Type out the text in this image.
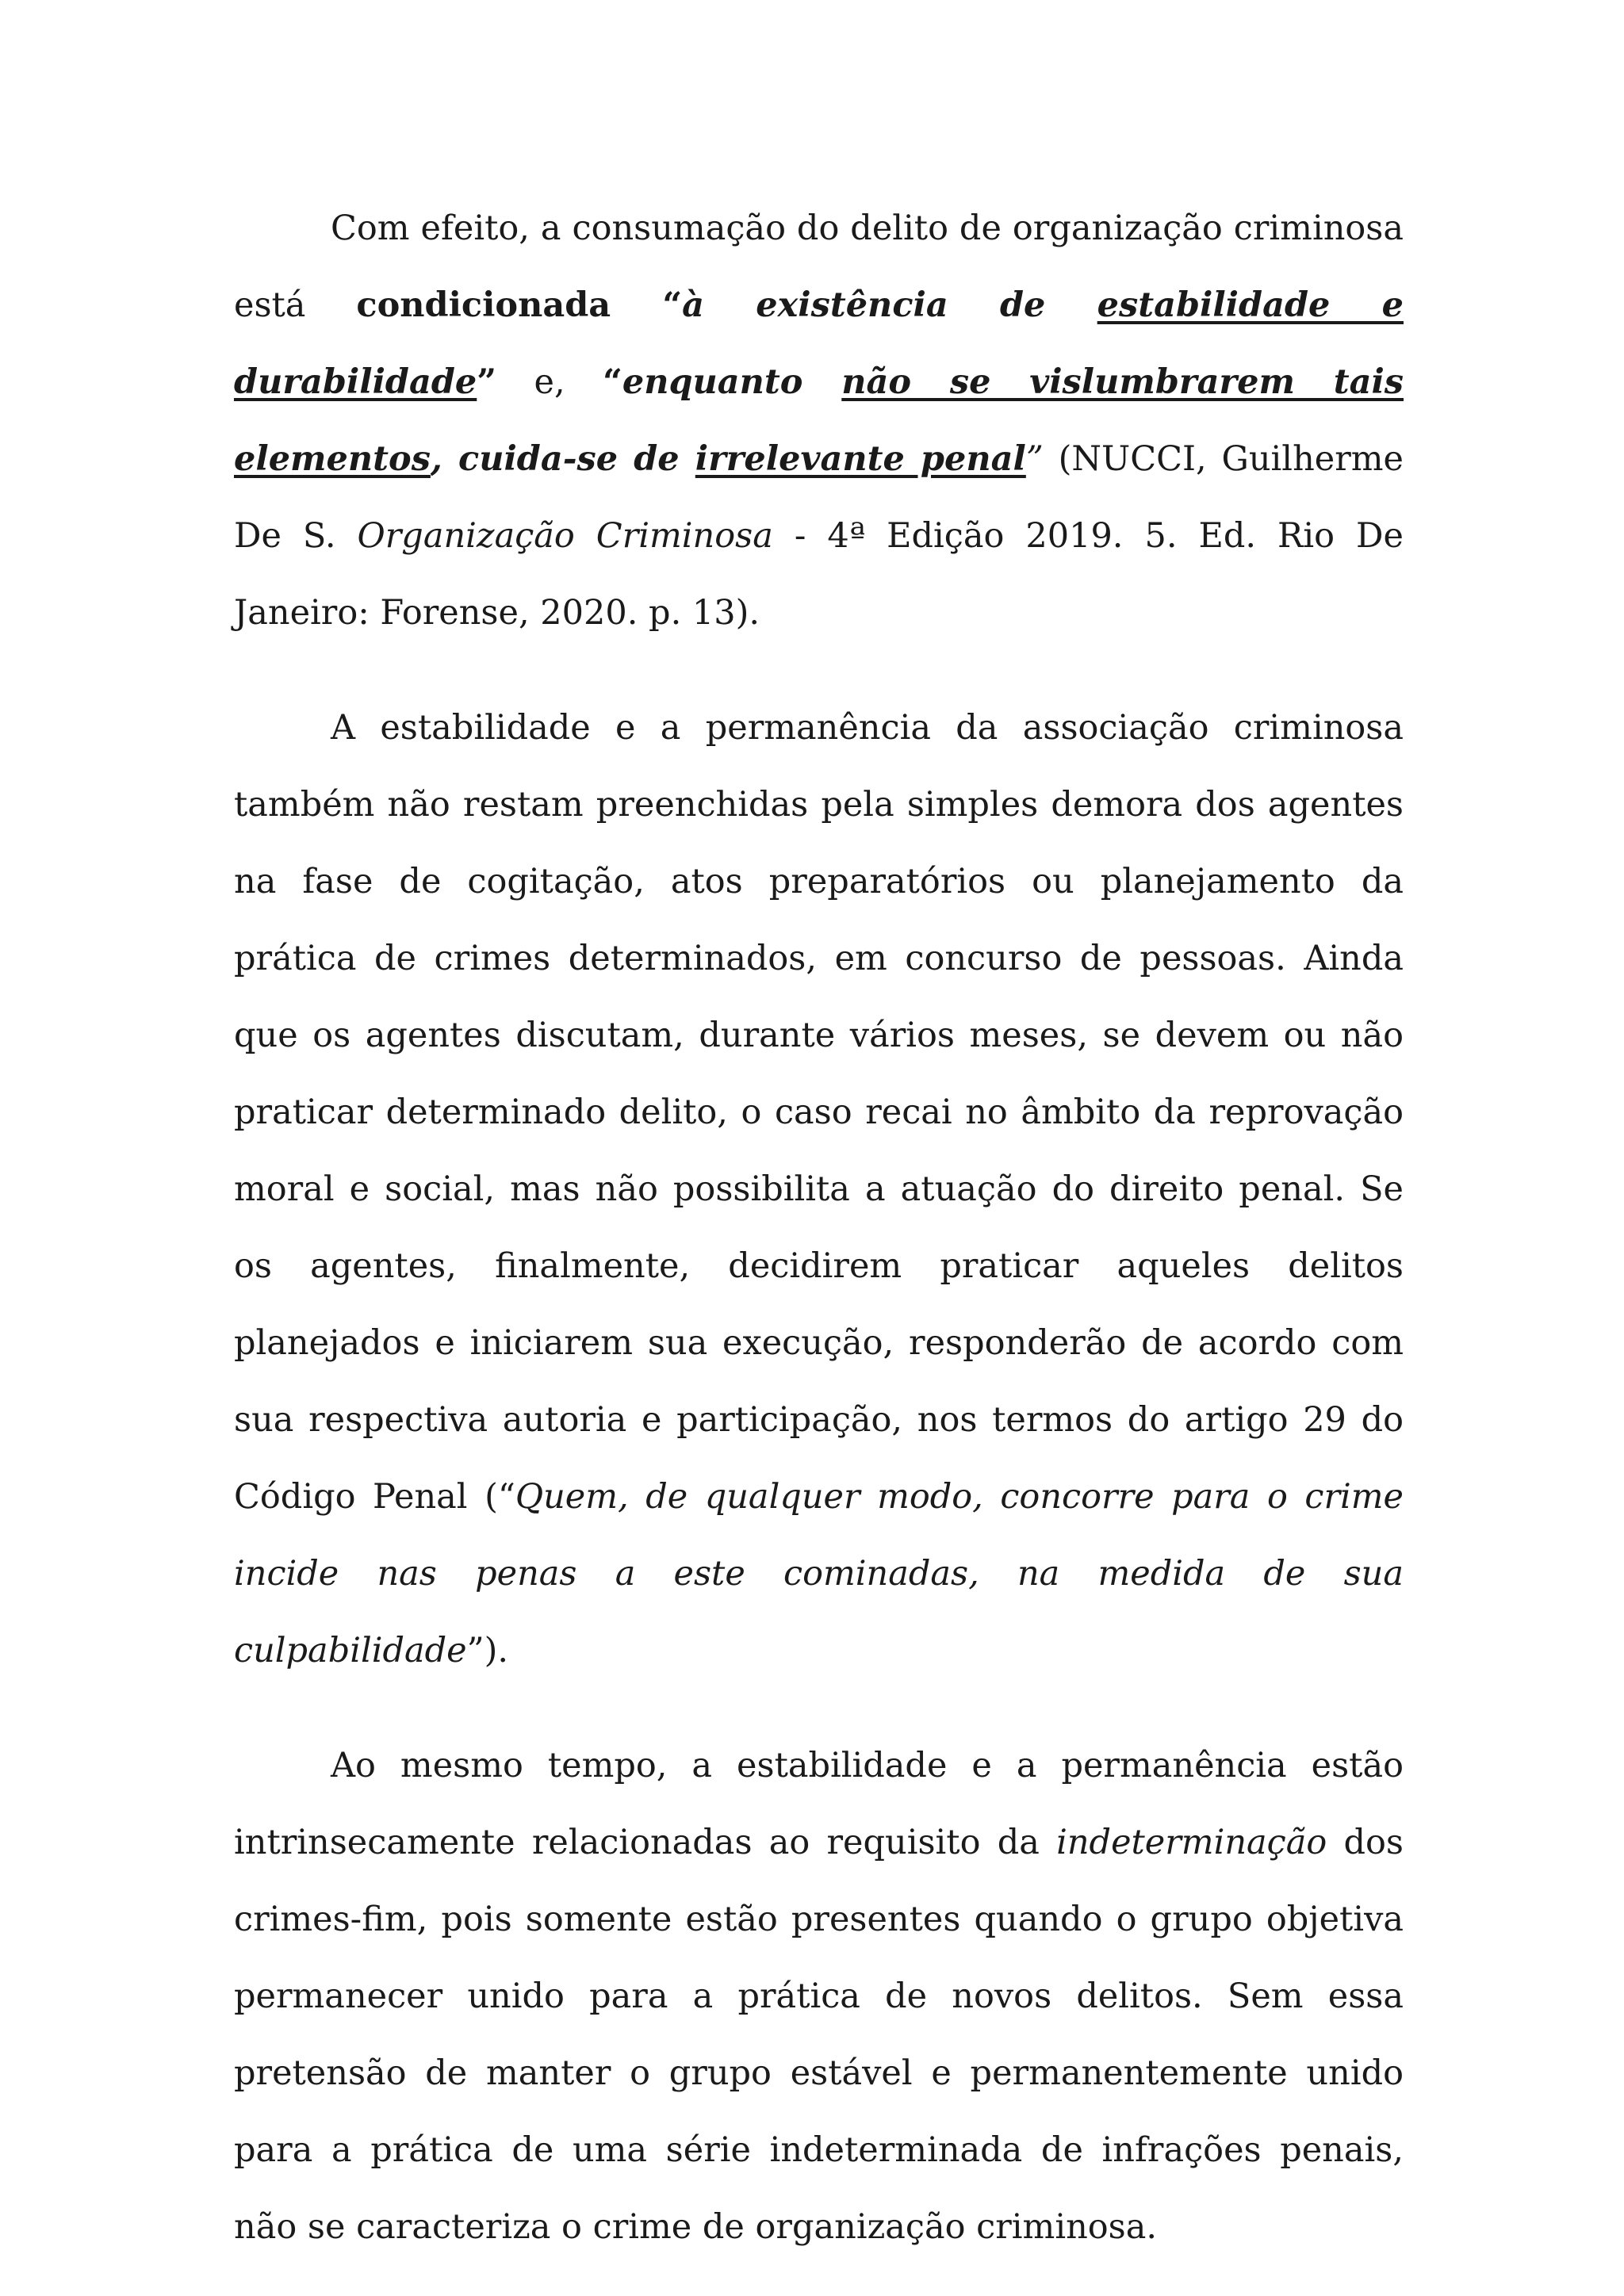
Com efeito, a consumação do delito de organização criminosa está condicionada “à existência de estabilidade e durabilidade” e, “enquanto não se vislumbrarem tais elementos, cuida-se de irrelevante penal” (NUCCI, Guilherme De S. Organização Criminosa - 4ª Edição 2019. 5. Ed. Rio De Janeiro: Forense, 2020. p. 13).

A estabilidade e a permanência da associação criminosa também não restam preenchidas pela simples demora dos agentes na fase de cogitação, atos preparatórios ou planejamento da prática de crimes determinados, em concurso de pessoas. Ainda que os agentes discutam, durante vários meses, se devem ou não praticar determinado delito, o caso recai no âmbito da reprovação moral e social, mas não possibilita a atuação do direito penal. Se os agentes, finalmente, decidirem praticar aqueles delitos planejados e iniciarem sua execução, responderão de acordo com sua respectiva autoria e participação, nos termos do artigo 29 do Código Penal (“Quem, de qualquer modo, concorre para o crime incide nas penas a este cominadas, na medida de sua culpabilidade”).

Ao mesmo tempo, a estabilidade e a permanência estão intrinsecamente relacionadas ao requisito da indeterminação dos crimes-fim, pois somente estão presentes quando o grupo objetiva permanecer unido para a prática de novos delitos. Sem essa pretensão de manter o grupo estável e permanentemente unido para a prática de uma série indeterminada de infrações penais, não se caracteriza o crime de organização criminosa.
